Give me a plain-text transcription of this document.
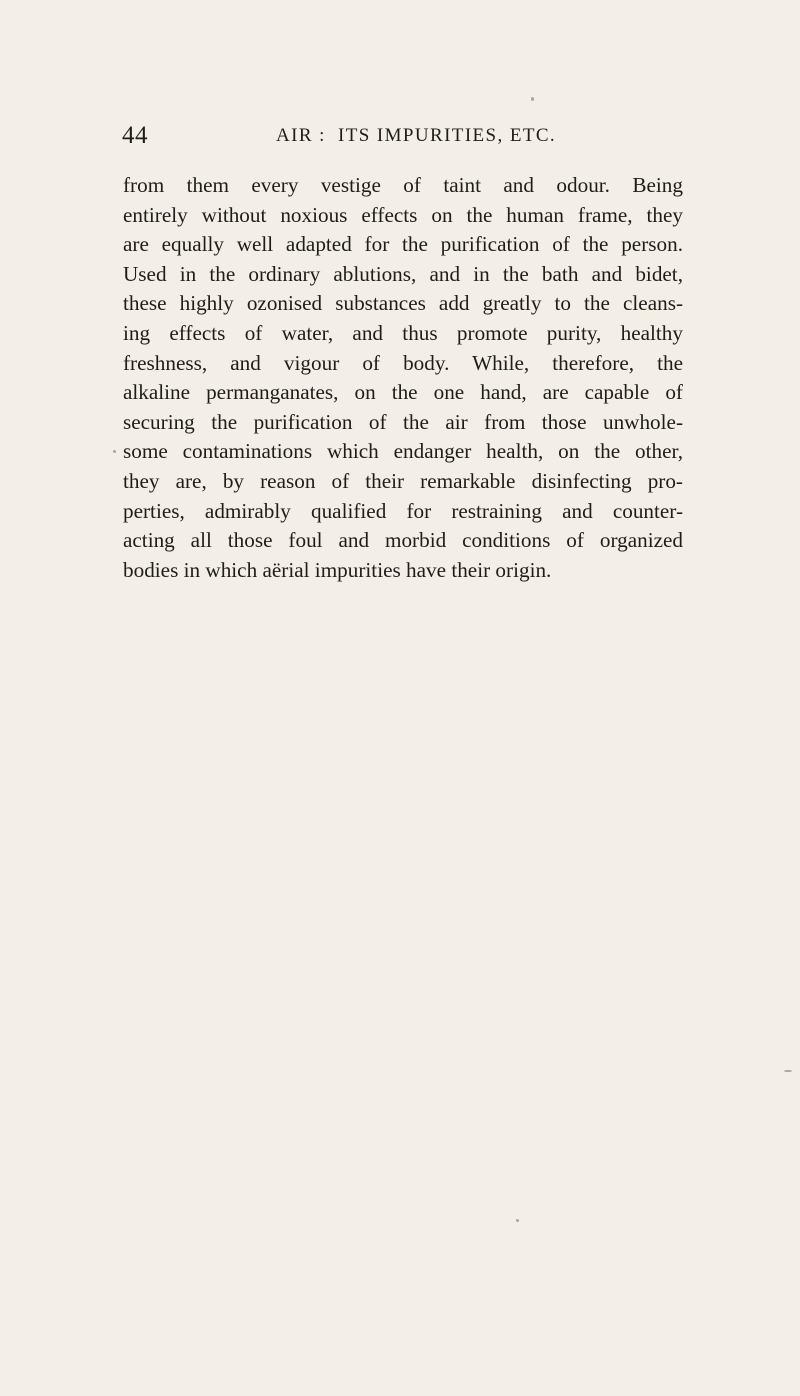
44	AIR :  ITS IMPURITIES, ETC.
from them every vestige of taint and odour. Being
entirely without noxious effects on the human frame, they
are equally well adapted for the purification of the person.
Used in the ordinary ablutions, and in the bath and bidet,
these highly ozonised substances add greatly to the cleans-
ing effects of water, and thus promote purity, healthy
freshness, and vigour of body. While, therefore, the
alkaline permanganates, on the one hand, are capable of
securing the purification of the air from those unwhole-
some contaminations which endanger health, on the other,
they are, by reason of their remarkable disinfecting pro-
perties, admirably qualified for restraining and counter-
acting all those foul and morbid conditions of organized
bodies in which aërial impurities have their origin.
